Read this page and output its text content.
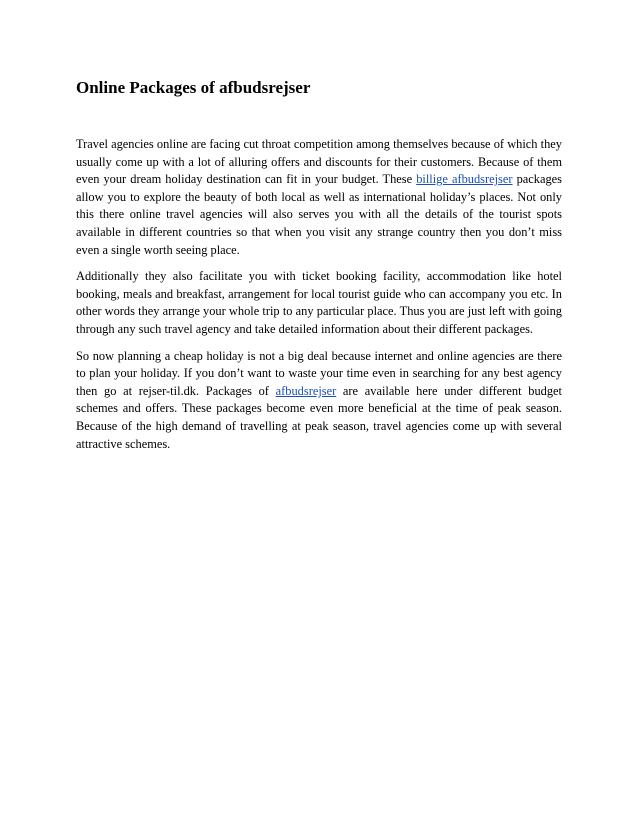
Online Packages of afbudsrejser

Travel agencies online are facing cut throat competition among themselves because of which they usually come up with a lot of alluring offers and discounts for their customers. Because of them even your dream holiday destination can fit in your budget. These billige afbudsrejser packages allow you to explore the beauty of both local as well as international holiday’s places. Not only this there online travel agencies will also serves you with all the details of the tourist spots available in different countries so that when you visit any strange country then you don’t miss even a single worth seeing place.

Additionally they also facilitate you with ticket booking facility, accommodation like hotel booking, meals and breakfast, arrangement for local tourist guide who can accompany you etc. In other words they arrange your whole trip to any particular place. Thus you are just left with going through any such travel agency and take detailed information about their different packages.

So now planning a cheap holiday is not a big deal because internet and online agencies are there to plan your holiday. If you don’t want to waste your time even in searching for any best agency then go at rejser-til.dk. Packages of afbudsrejser are available here under different budget schemes and offers. These packages become even more beneficial at the time of peak season. Because of the high demand of travelling at peak season, travel agencies come up with several attractive schemes.
